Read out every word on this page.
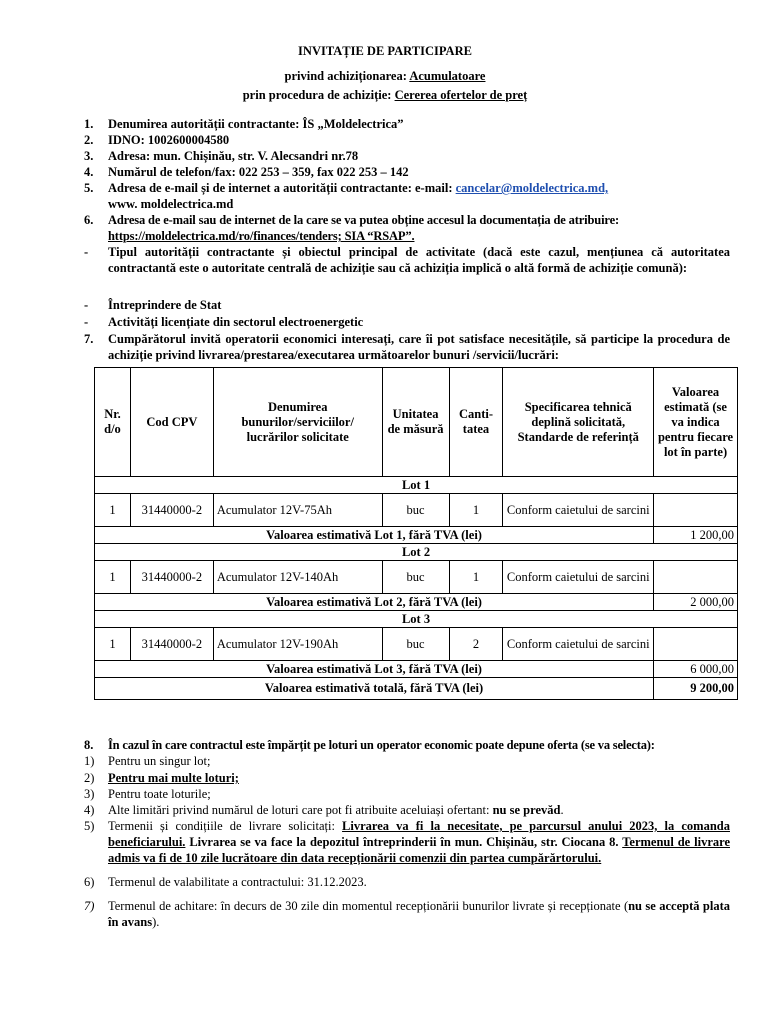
INVITAȚIE DE PARTICIPARE
privind achiziționarea: Acumulatoare
prin procedura de achiziție: Cererea ofertelor de preț
1. Denumirea autorității contractante: ÎS „Moldelectrica”
2. IDNO: 1002600004580
3. Adresa: mun. Chișinău, str. V. Alecsandri nr.78
4. Numărul de telefon/fax: 022 253 – 359, fax 022 253 – 142
5. Adresa de e-mail și de internet a autorității contractante: e-mail: cancelar@moldelectrica.md,
www. moldelectrica.md
6. Adresa de e-mail sau de internet de la care se va putea obține accesul la documentația de atribuire: https://moldelectrica.md/ro/finances/tenders; SIA “RSAP”.
- Tipul autorității contractante și obiectul principal de activitate (dacă este cazul, mențiunea că autoritatea contractantă este o autoritate centrală de achiziție sau că achiziția implică o altă formă de achiziție comună):
- Întreprindere de Stat
- Activități licențiate din sectorul electroenergetic
7. Cumpărătorul invită operatorii economici interesați, care îi pot satisface necesitățile, să participe la procedura de achiziție privind livrarea/prestarea/executarea următoarelor bunuri /servicii/lucrări:
Nr. d/o	Cod CPV	Denumirea bunurilor/serviciilor/ lucrărilor solicitate	Unitatea de măsură	Canti- tatea	Specificarea tehnică deplină solicitată, Standarde de referință	Valoarea estimată (se va indica pentru fiecare lot în parte)
Lot 1						
1	31440000-2	Acumulator 12V-75Ah	buc	1	Conform caietului de sarcini	
Valoarea estimativă Lot 1, fără TVA (lei)						1 200,00
Lot 2						
1	31440000-2	Acumulator 12V-140Ah	buc	1	Conform caietului de sarcini	
Valoarea estimativă Lot 2, fără TVA (lei)						2 000,00
Lot 3						
1	31440000-2	Acumulator 12V-190Ah	buc	2	Conform caietului de sarcini	
Valoarea estimativă Lot 3, fără TVA (lei)						6 000,00
Valoarea estimativă totală, fără TVA (lei)						9 200,00
8. În cazul în care contractul este împărțit pe loturi un operator economic poate depune oferta (se va selecta):
1) Pentru un singur lot;
2) Pentru mai multe loturi;
3) Pentru toate loturile;
4) Alte limitări privind numărul de loturi care pot fi atribuite aceluiași ofertant: nu se prevăd.
5) Termenii și condițiile de livrare solicitați: Livrarea va fi la necesitate, pe parcursul anului 2023, la comanda beneficiarului. Livrarea se va face la depozitul întreprinderii în mun. Chișinău, str. Ciocana 8. Termenul de livrare admis va fi de 10 zile lucrătoare din data recepționării comenzii din partea cumpărărtorului.
6) Termenul de valabilitate a contractului: 31.12.2023.
7) Termenul de achitare: în decurs de 30 zile din momentul recepționării bunurilor livrate și recepționate (nu se acceptă plata în avans).
